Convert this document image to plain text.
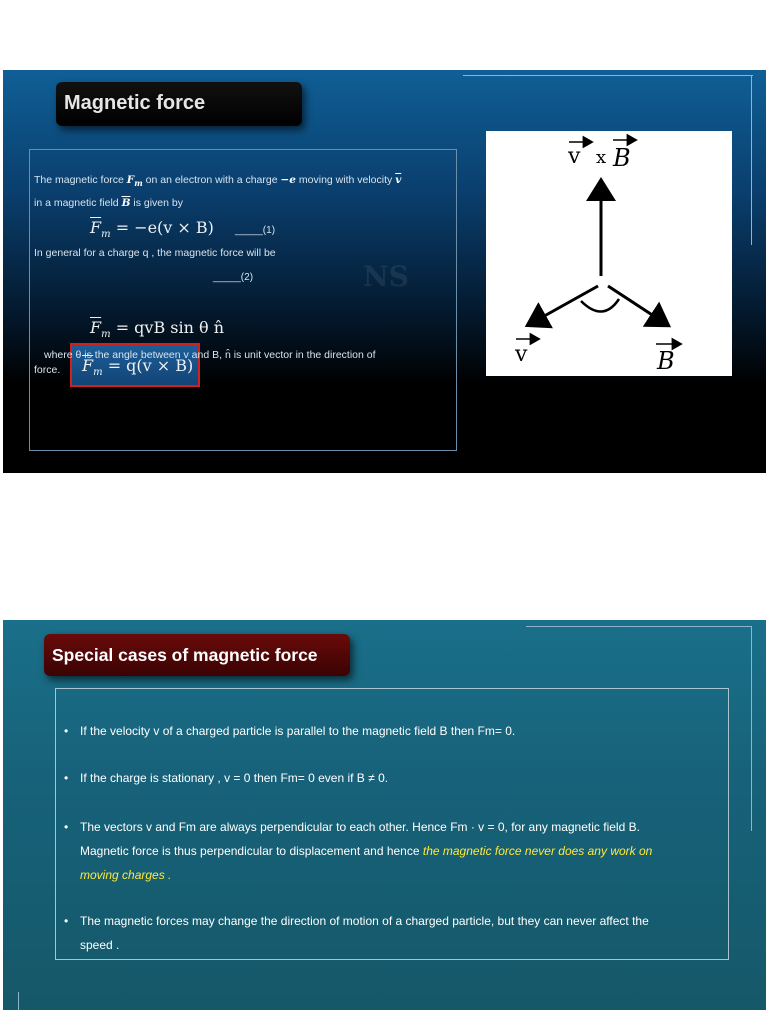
Magnetic force
The magnetic force $F_m$ on an electron with a charge −e moving with velocity $\overline{v}$
in a magnetic field $\overline{B}$ is given by
$\overline{F}_m = -e(v \times B)$ _____(1)
In general for a charge q , the magnetic force will be
$\overline{F}_m = q(v \times B)$
_____(2)
$\overline{F}_m$ = qvB sin θ n̂
where θ is the angle between v and B, n̂ is unit vector in the direction of
force.
NS
v x B
v	B
Special cases of magnetic force
• If the velocity v of a charged particle is parallel to the magnetic field B then Fm= 0.
• If the charge is stationary , v = 0 then Fm= 0 even if B ≠ 0.
• The vectors v and Fm are always perpendicular to each other. Hence Fm · v = 0, for any magnetic field B.
Magnetic force is thus perpendicular to displacement and hence the magnetic force never does any work on
moving charges .
• The magnetic forces may change the direction of motion of a charged particle, but they can never affect the
speed .
